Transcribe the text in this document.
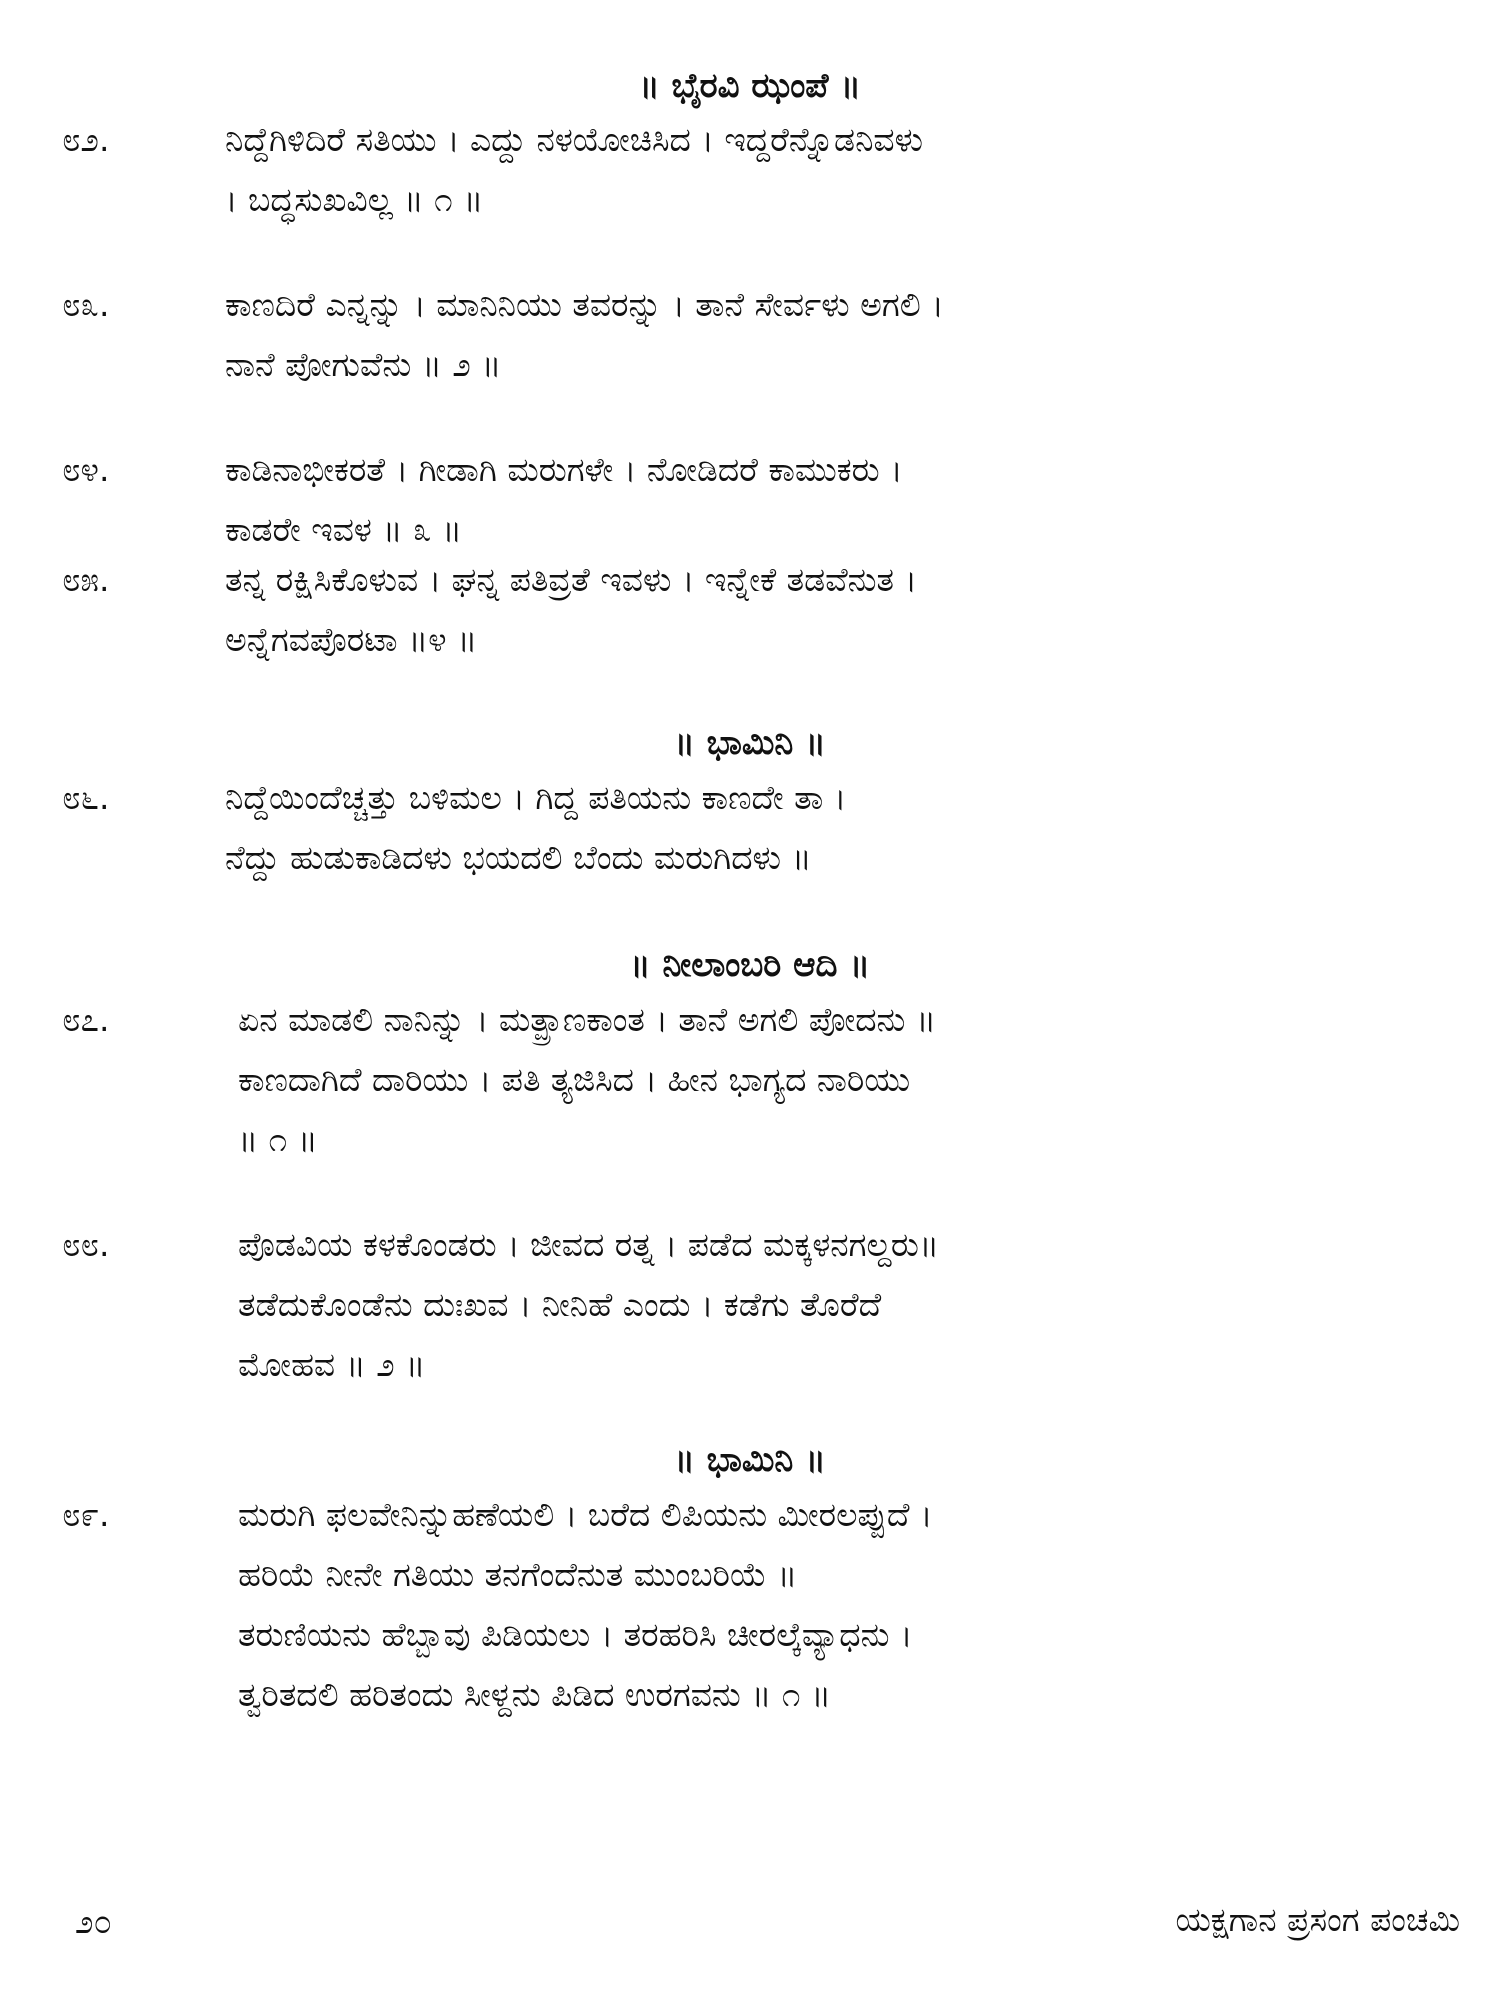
॥ ಭೈರವಿ ಝಂಪೆ ॥
೮೨.	ನಿದ್ದೆಗಿಳಿದಿರೆ ಸತಿಯು । ಎದ್ದು ನಳಯೋಚಿಸಿದ । ಇದ್ದರೆನ್ನೊಡನಿವಳು
। ಬದ್ಧಸುಖವಿಲ್ಲ ॥ ೧ ॥
೮೩.	ಕಾಣದಿರೆ ಎನ್ನನ್ನು । ಮಾನಿನಿಯು ತವರನ್ನು । ತಾನೆ ಸೇರ್ವಳು ಅಗಲಿ ।
ನಾನೆ ಪೋಗುವೆನು ॥ ೨ ॥
೮೪.	ಕಾಡಿನಾಭೀಕರತೆ । ಗೀಡಾಗಿ ಮರುಗಳೇ । ನೋಡಿದರೆ ಕಾಮುಕರು ।
ಕಾಡರೇ ಇವಳ ॥ ೩ ॥
೮೫.	ತನ್ನ ರಕ್ಷಿಸಿಕೊಳುವ । ಘನ್ನ ಪತಿವ್ರತೆ ಇವಳು । ಇನ್ನೇಕೆ ತಡವೆನುತ ।
ಅನ್ನೆಗವಪೊರಟಾ ॥೪ ॥
॥ ಭಾಮಿನಿ ॥
೮೬.	ನಿದ್ದೆಯಿಂದೆಚ್ಚತ್ತು ಬಳಿಮಲ । ಗಿದ್ದ ಪತಿಯನು ಕಾಣದೇ ತಾ ।
ನೆದ್ದು ಹುಡುಕಾಡಿದಳು ಭಯದಲಿ ಬೆಂದು ಮರುಗಿದಳು ॥
॥ ನೀಲಾಂಬರಿ ಆದಿ ॥
೮೭.	ಏನ ಮಾಡಲಿ ನಾನಿನ್ನು । ಮತ್ಪ್ರಾಣಕಾಂತ । ತಾನೆ ಅಗಲಿ ಪೋದನು ॥
ಕಾಣದಾಗಿದೆ ದಾರಿಯು । ಪತಿ ತ್ಯಜಿಸಿದ । ಹೀನ ಭಾಗ್ಯದ ನಾರಿಯು
॥ ೧ ॥
೮೮.	ಪೊಡವಿಯ ಕಳಕೊಂಡರು । ಜೀವದ ರತ್ನ । ಪಡೆದ ಮಕ್ಕಳನಗಲ್ದರು॥
ತಡೆದುಕೊಂಡೆನು ದುಃಖವ । ನೀನಿಹೆ ಎಂದು । ಕಡೆಗು ತೊರೆದೆ
ಮೋಹವ ॥ ೨ ॥
॥ ಭಾಮಿನಿ ॥
೮೯.	ಮರುಗಿ ಫಲವೇನಿನ್ನುಹಣೆಯಲಿ । ಬರೆದ ಲಿಪಿಯನು ಮೀರಲಪ್ಪುದೆ ।
ಹರಿಯೆ ನೀನೇ ಗತಿಯು ತನಗೆಂದೆನುತ ಮುಂಬರಿಯೆ ॥
ತರುಣಿಯನು ಹೆಬ್ಬಾವು ಪಿಡಿಯಲು । ತರಹರಿಸಿ ಚೀರಲ್ಕೆವ್ಯಾಧನು ।
ತ್ವರಿತದಲಿ ಹರಿತಂದು ಸೀಳ್ದನು ಪಿಡಿದ ಉರಗವನು ॥ ೧ ॥
೨೦	ಯಕ್ಷಗಾನ ಪ್ರಸಂಗ ಪಂಚಮಿ
